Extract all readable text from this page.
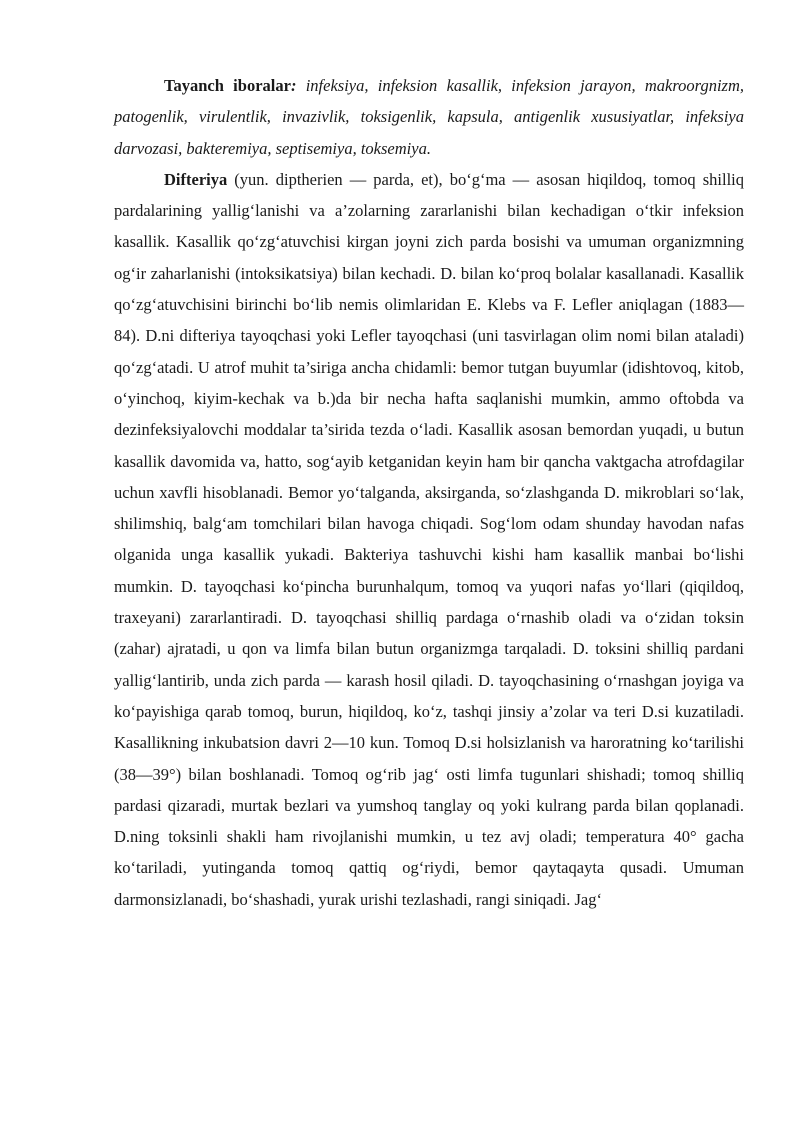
Tayanch iboralar: infeksiya, infeksion kasallik, infeksion jarayon, makroorgnizm, patogenlik, virulentlik, invazivlik, toksigenlik, kapsula, antigenlik xususiyatlar, infeksiya darvozasi, bakteremiya, septisemiya, toksemiya.

Difteriya (yun. diptherien — parda, et), bo‘g‘ma — asosan hiqildoq, tomoq shilliq pardalarining yallig‘lanishi va a’zolarning zararlanishi bilan kechadigan o‘tkir infeksion kasallik. Kasallik qo‘zg‘atuvchisi kirgan joyni zich parda bosishi va umuman organizmning og‘ir zaharlanishi (intoksikatsiya) bilan kechadi. D. bilan ko‘proq bolalar kasallanadi. Kasallik qo‘zg‘atuvchisini birinchi bo‘lib nemis olimlaridan E. Klebs va F. Lefler aniqlagan (1883— 84). D.ni difteriya tayoqchasi yoki Lefler tayoqchasi (uni tasvirlagan olim nomi bilan ataladi) qo‘zg‘atadi. U atrof muhit ta’siriga ancha chidamli: bemor tutgan buyumlar (idishtovoq, kitob, o‘yinchoq, kiyim-kechak va b.)da bir necha hafta saqlanishi mumkin, ammo oftobda va dezinfeksiyalovchi moddalar ta’sirida tezda o‘ladi. Kasallik asosan bemordan yuqadi, u butun kasallik davomida va, hatto, sog‘ayib ketganidan keyin ham bir qancha vaktgacha atrofdagilar uchun xavfli hisoblanadi. Bemor yo‘talganda, aksirganda, so‘zlashganda D. mikroblari so‘lak, shilimshiq, balg‘am tomchilari bilan havoga chiqadi. Sog‘lom odam shunday havodan nafas olganida unga kasallik yukadi. Bakteriya tashuvchi kishi ham kasallik manbai bo‘lishi mumkin. D. tayoqchasi ko‘pincha burunhalqum, tomoq va yuqori nafas yo‘llari (qiqildoq, traxeyani) zararlantiradi. D. tayoqchasi shilliq pardaga o‘rnashib oladi va o‘zidan toksin (zahar) ajratadi, u qon va limfa bilan butun organizmga tarqaladi. D. toksini shilliq pardani yallig‘lantirib, unda zich parda — karash hosil qiladi. D. tayoqchasining o‘rnashgan joyiga va ko‘payishiga qarab tomoq, burun, hiqildoq, ko‘z, tashqi jinsiy a’zolar va teri D.si kuzatiladi. Kasallikning inkubatsion davri 2—10 kun. Tomoq D.si holsizlanish va haroratning ko‘tarilishi (38—39°) bilan boshlanadi. Tomoq og‘rib jag‘ osti limfa tugunlari shishadi; tomoq shilliq pardasi qizaradi, murtak bezlari va yumshoq tanglay oq yoki kulrang parda bilan qoplanadi. D.ning toksinli shakli ham rivojlanishi mumkin, u tez avj oladi; temperatura 40° gacha ko‘tariladi, yutinganda tomoq qattiq og‘riydi, bemor qaytaqayta qusadi. Umuman darmonsizlanadi, bo‘shashadi, yurak urishi tezlashadi, rangi siniqadi. Jag‘
